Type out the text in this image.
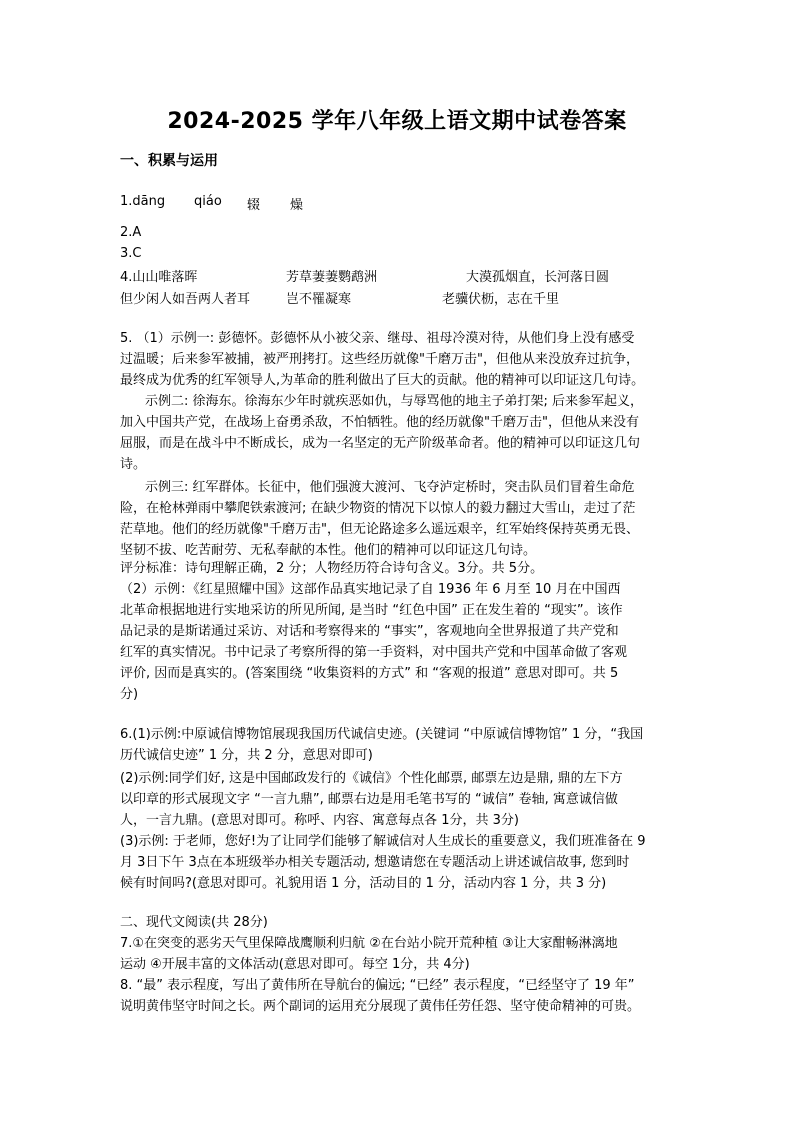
2024-2025 学年八年级上语文期中试卷答案
一、积累与运用
1.dāng qiáo 辍 燥
2.A
3.C
4.山山唯落晖	芳草萋萋鹦鹉洲	大漠孤烟直，长河落日圆
但少闲人如吾两人者耳	岂不罹凝寒	老骥伏枥，志在千里
5. （1）示例一: 彭德怀。彭德怀从小被父亲、继母、祖母冷漠对待，从他们身上没有感受
过温暖；后来参军被捕，被严刑拷打。这些经历就像"千磨万击"，但他从来没放弃过抗争，
最终成为优秀的红军领导人,为革命的胜利做出了巨大的贡献。他的精神可以印证这几句诗。
示例二: 徐海东。徐海东少年时就疾恶如仇，与辱骂他的地主子弟打架; 后来参军起义，
加入中国共产党，在战场上奋勇杀敌，不怕牺牲。他的经历就像"千磨万击"，但他从来没有
屈服，而是在战斗中不断成长，成为一名坚定的无产阶级革命者。他的精神可以印证这几句
诗。
示例三: 红军群体。长征中，他们强渡大渡河、飞夺泸定桥时，突击队员们冒着生命危
险，在枪林弹雨中攀爬铁索渡河; 在缺少物资的情况下以惊人的毅力翻过大雪山，走过了茫
茫草地。他们的经历就像"千磨万击"，但无论路途多么遥远艰辛，红军始终保持英勇无畏、
坚韧不拔、吃苦耐劳、无私奉献的本性。他们的精神可以印证这几句诗。
评分标准：诗句理解正确，2 分；人物经历符合诗句含义。3分。共 5分。
（2）示例：《红星照耀中国》这部作品真实地记录了自 1936 年 6 月至 10 月在中国西
北革命根据地进行实地采访的所见所闻, 是当时 “红色中国” 正在发生着的 “现实”。该作
品记录的是斯诺通过采访、对话和考察得来的 “事实”，客观地向全世界报道了共产党和
红军的真实情况。书中记录了考察所得的第一手资料，对中国共产党和中国革命做了客观
评价, 因而是真实的。(答案围绕 “收集资料的方式” 和 “客观的报道” 意思对即可。共 5
分)
6.(1)示例:中原诚信博物馆展现我国历代诚信史迹。(关键词 “中原诚信博物馆” 1 分，“我国
历代诚信史迹” 1 分，共 2 分，意思对即可)
(2)示例:同学们好, 这是中国邮政发行的《诚信》个性化邮票, 邮票左边是鼎, 鼎的左下方
以印章的形式展现文字 “一言九鼎”, 邮票右边是用毛笔书写的 “诚信” 卷轴, 寓意诚信做
人，一言九鼎。(意思对即可。称呼、内容、寓意每点各 1分，共 3分)
(3)示例: 于老师，您好!为了让同学们能够了解诚信对人生成长的重要意义，我们班准备在 9
月 3日下午 3点在本班级举办相关专题活动, 想邀请您在专题活动上讲述诚信故事, 您到时
候有时间吗?(意思对即可。礼貌用语 1 分，活动目的 1 分，活动内容 1 分，共 3 分)
二、现代文阅读(共 28分)
7.①在突变的恶劣天气里保障战鹰顺利归航 ②在台站小院开荒种植 ③让大家酣畅淋漓地
运动 ④开展丰富的文体活动(意思对即可。每空 1分，共 4分)
8. “最” 表示程度，写出了黄伟所在导航台的偏远; “已经” 表示程度，“已经坚守了 19 年”
说明黄伟坚守时间之长。两个副词的运用充分展现了黄伟任劳任怨、坚守使命精神的可贵。
